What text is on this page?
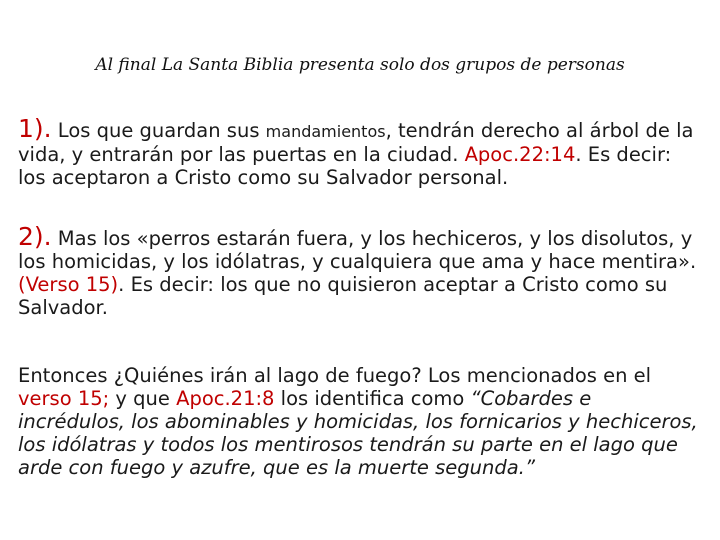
Al final La Santa Biblia presenta solo dos grupos de personas
1). Los que guardan sus mandamientos, tendrán derecho al árbol de la vida, y entrarán por las puertas en la ciudad. Apoc.22:14. Es decir: los aceptaron a Cristo como su Salvador personal.
2). Mas los «perros estarán fuera, y los hechiceros, y los disolutos, y los homicidas, y los idólatras, y cualquiera que ama y hace mentira». (Verso 15). Es decir: los que no quisieron aceptar a Cristo como su Salvador.
Entonces ¿Quiénes irán al lago de fuego? Los mencionados en el verso 15; y que Apoc.21:8 los identifica como “Cobardes e incrédulos, los abominables y homicidas, los fornicarios y hechiceros, los idólatras y todos los mentirosos tendrán su parte en el lago que arde con fuego y azufre, que es la muerte segunda.”
